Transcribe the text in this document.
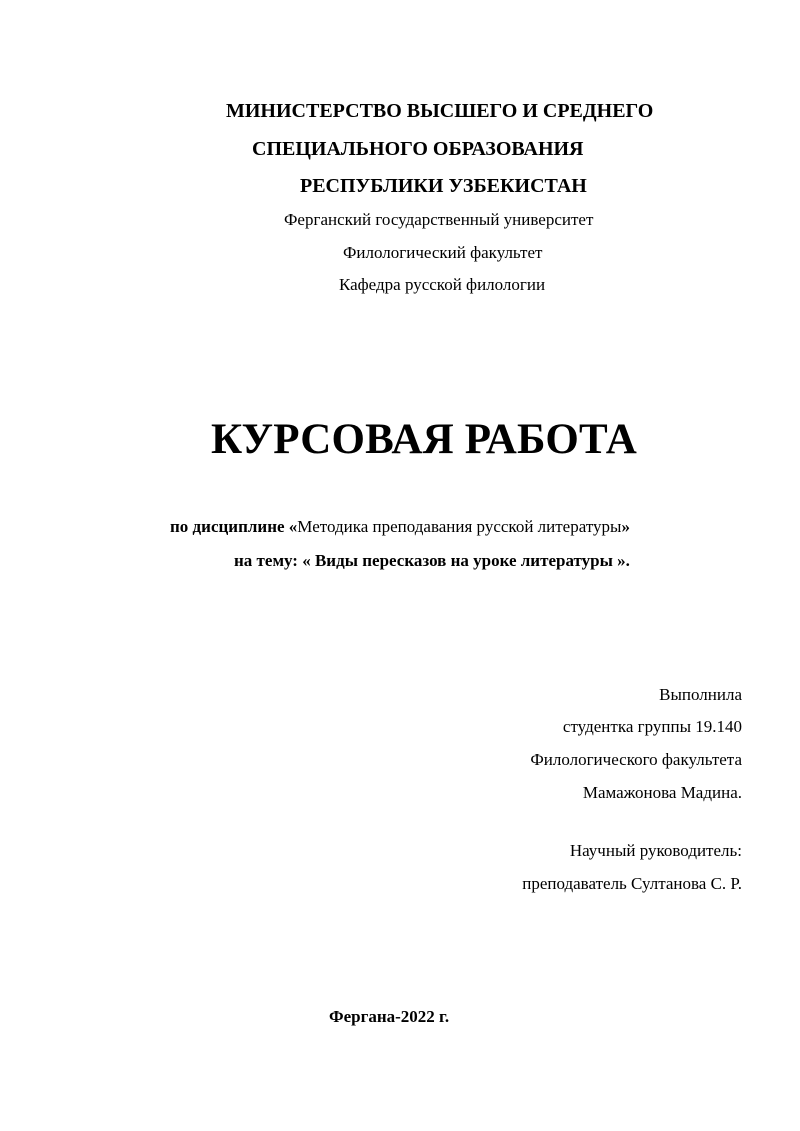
МИНИСТЕРСТВО ВЫСШЕГО И СРЕДНЕГО
СПЕЦИАЛЬНОГО ОБРАЗОВАНИЯ
РЕСПУБЛИКИ УЗБЕКИСТАН
Ферганский государственный университет
Филологический факультет
Кафедра русской филологии
КУРСОВАЯ РАБОТА
по дисциплине «Методика преподавания русской литературы»
на тему: « Виды пересказов на уроке литературы ».
Выполнила
студентка группы 19.140
Филологического факультета
Мамажонова Мадина.
Научный руководитель:
преподаватель Султанова С. Р.
Фергана-2022 г.
